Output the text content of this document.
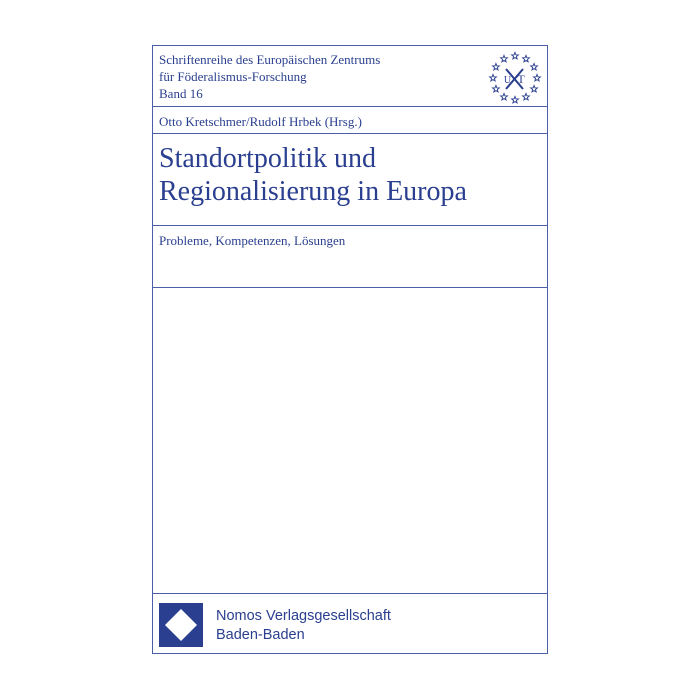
Schriftenreihe des Europäischen Zentrums
für Föderalismus-Forschung
Band 16
U T
Otto Kretschmer/Rudolf Hrbek (Hrsg.)
Standortpolitik und
Regionalisierung in Europa
Probleme, Kompetenzen, Lösungen
Nomos Verlagsgesellschaft
Baden-Baden
